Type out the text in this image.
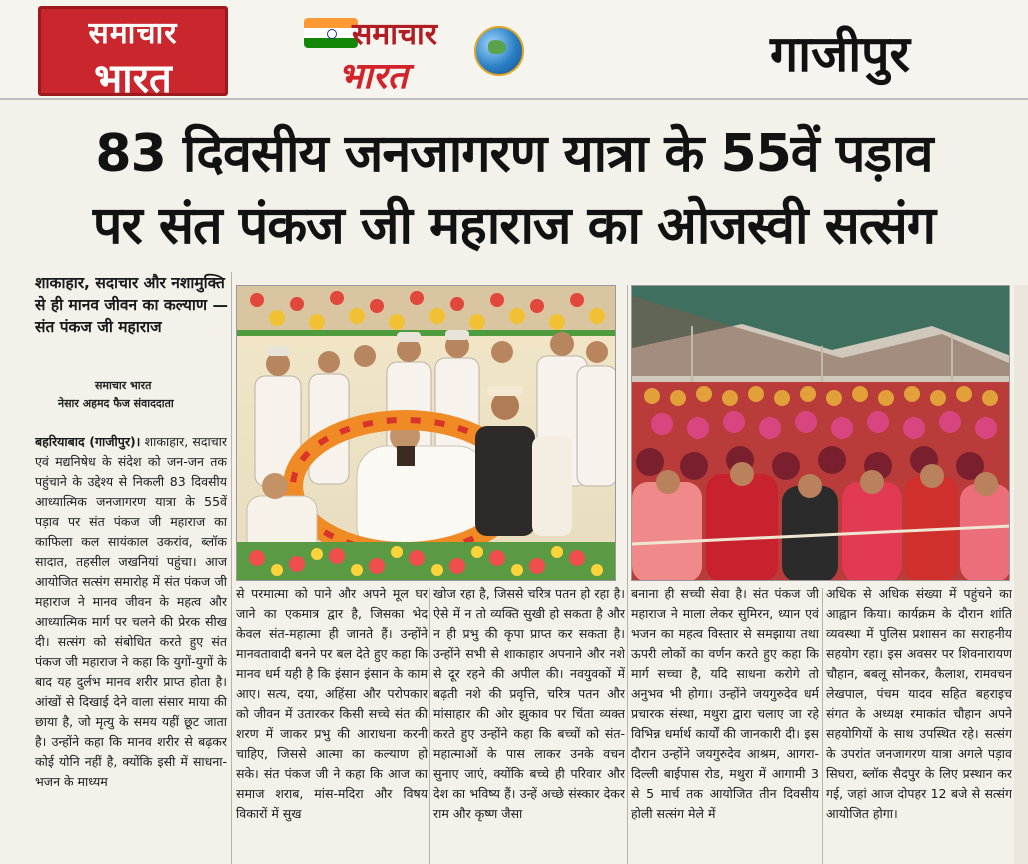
समाचार
भारत
समाचार
भारत	गाजीपुर
83 दिवसीय जनजागरण यात्रा के 55वें पड़ाव
पर संत पंकज जी महाराज का ओजस्वी सत्संग
शाकाहार, सदाचार और नशामुक्ति से ही मानव जीवन का कल्याण — संत पंकज जी महाराज
समाचार भारत
नेसार अहमद फैज संवाददाता
बहरियाबाद (गाजीपुर)। शाकाहार, सदाचार एवं मद्यनिषेध के संदेश को जन-जन तक पहुंचाने के उद्देश्य से निकली 83 दिवसीय आध्यात्मिक जनजागरण यात्रा के 55वें पड़ाव पर संत पंकज जी महाराज का काफिला कल सायंकाल उकरांव, ब्लॉक सादात, तहसील जखनियां पहुंचा। आज आयोजित सत्संग समारोह में संत पंकज जी महाराज ने मानव जीवन के महत्व और आध्यात्मिक मार्ग पर चलने की प्रेरक सीख दी। सत्संग को संबोधित करते हुए संत पंकज जी महाराज ने कहा कि युगों-युगों के बाद यह दुर्लभ मानव शरीर प्राप्त होता है। आंखों से दिखाई देने वाला संसार माया की छाया है, जो मृत्यु के समय यहीं छूट जाता है। उन्होंने कहा कि मानव शरीर से बढ़कर कोई योनि नहीं है, क्योंकि इसी में साधना-भजन के माध्यम
से परमात्मा को पाने और अपने मूल घर जाने का एकमात्र द्वार है, जिसका भेद केवल संत-महात्मा ही जानते हैं। उन्होंने मानवतावादी बनने पर बल देते हुए कहा कि मानव धर्म यही है कि इंसान इंसान के काम आए। सत्य, दया, अहिंसा और परोपकार को जीवन में उतारकर किसी सच्चे संत की शरण में जाकर प्रभु की आराधना करनी चाहिए, जिससे आत्मा का कल्याण हो सके। संत पंकज जी ने कहा कि आज का समाज शराब, मांस-मदिरा और विषय विकारों में सुख
खोज रहा है, जिससे चरित्र पतन हो रहा है। ऐसे में न तो व्यक्ति सुखी हो सकता है और न ही प्रभु की कृपा प्राप्त कर सकता है। उन्होंने सभी से शाकाहार अपनाने और नशे से दूर रहने की अपील की। नवयुवकों में बढ़ती नशे की प्रवृत्ति, चरित्र पतन और मांसाहार की ओर झुकाव पर चिंता व्यक्त करते हुए उन्होंने कहा कि बच्चों को संत-महात्माओं के पास लाकर उनके वचन सुनाए जाएं, क्योंकि बच्चे ही परिवार और देश का भविष्य हैं। उन्हें अच्छे संस्कार देकर राम और कृष्ण जैसा
बनाना ही सच्ची सेवा है। संत पंकज जी महाराज ने माला लेकर सुमिरन, ध्यान एवं भजन का महत्व विस्तार से समझाया तथा ऊपरी लोकों का वर्णन करते हुए कहा कि मार्ग सच्चा है, यदि साधना करोगे तो अनुभव भी होगा। उन्होंने जयगुरुदेव धर्म प्रचारक संस्था, मथुरा द्वारा चलाए जा रहे विभिन्न धर्मार्थ कार्यों की जानकारी दी। इस दौरान उन्होंने जयगुरुदेव आश्रम, आगरा-दिल्ली बाईपास रोड, मथुरा में आगामी 3 से 5 मार्च तक आयोजित तीन दिवसीय होली सत्संग मेले में
अधिक से अधिक संख्या में पहुंचने का आह्वान किया। कार्यक्रम के दौरान शांति व्यवस्था में पुलिस प्रशासन का सराहनीय सहयोग रहा। इस अवसर पर शिवनारायण चौहान, बबलू सोनकर, कैलाश, रामवचन लेखपाल, पंचम यादव सहित बहराइच संगत के अध्यक्ष रमाकांत चौहान अपने सहयोगियों के साथ उपस्थित रहे। सत्संग के उपरांत जनजागरण यात्रा अगले पड़ाव सिघरा, ब्लॉक सैदपुर के लिए प्रस्थान कर गई, जहां आज दोपहर 12 बजे से सत्संग आयोजित होगा।
